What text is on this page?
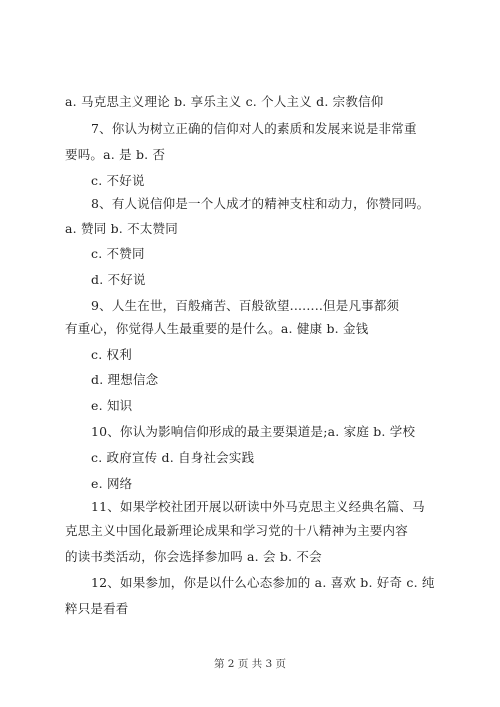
a. 马克思主义理论 b. 享乐主义 c. 个人主义 d. 宗教信仰
7、你认为树立正确的信仰对人的素质和发展来说是非常重
要吗。a. 是 b. 否
c. 不好说
8、有人说信仰是一个人成才的精神支柱和动力，你赞同吗。
a. 赞同 b. 不太赞同
c. 不赞同
d. 不好说
9、人生在世，百般痛苦、百般欲望........但是凡事都须
有重心，你觉得人生最重要的是什么。a. 健康 b. 金钱
c. 权利
d. 理想信念
e. 知识
10、你认为影响信仰形成的最主要渠道是;a. 家庭 b. 学校
c. 政府宣传 d. 自身社会实践
e. 网络
11、如果学校社团开展以研读中外马克思主义经典名篇、马
克思主义中国化最新理论成果和学习党的十八精神为主要内容
的读书类活动，你会选择参加吗 a. 会 b. 不会
12、如果参加，你是以什么心态参加的 a. 喜欢 b. 好奇 c. 纯
粹只是看看
第 2 页 共 3 页
